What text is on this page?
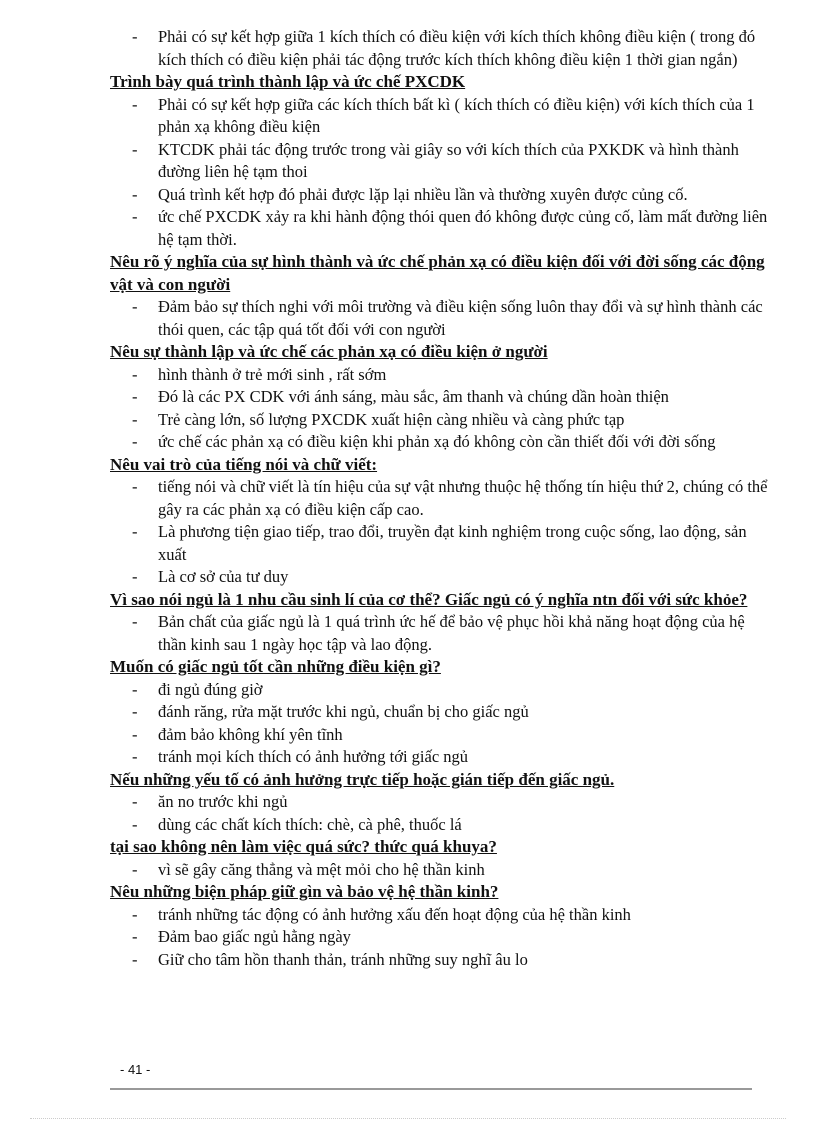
- Phải có sự kết hợp giữa 1 kích thích có điều kiện với kích thích không điều kiện ( trong đó kích thích có điều kiện phải tác động trước kích thích không điều kiện 1 thời gian ngắn)

Trình bày quá trình thành lập và ức chế PXCDK

- Phải có sự kết hợp giữa các kích thích bất kì ( kích thích có điều kiện) với kích thích của 1 phản xạ không điều kiện
- KTCDK phải tác động trước trong vài giây so với kích thích của PXKDK và hình thành đường liên hệ tạm thoi
- Quá trình kết hợp đó phải được lặp lại nhiều lần và thường xuyên được củng cố.
- ức chế PXCDK xảy ra khi hành động thói quen đó không được củng cố, làm mất đường liên hệ tạm thời.

Nêu rõ ý nghĩa của sự hình thành và ức chế phản xạ có điều kiện đối với đời sống các động vật và con người

- Đảm bảo sự thích nghi với môi trường và điều kiện sống luôn thay đổi và sự hình thành các thói quen, các tập quá tốt đối với con người

Nêu sự thành lập và ức chế các phản xạ có điều kiện ở người

- hình thành ở trẻ mới sinh , rất sớm
- Đó là các PX CDK với ánh sáng, màu sắc, âm thanh và chúng dần hoàn thiện
- Trẻ càng lớn, số lượng PXCDK xuất hiện càng nhiều và càng phức tạp
- ức chế các phản xạ có điều kiện khi phản xạ đó không còn cần thiết đối với đời sống

Nêu vai trò của tiếng nói và chữ viết:

- tiếng nói và chữ viết là tín hiệu của sự vật nhưng thuộc hệ thống tín hiệu thứ 2, chúng có thể gây ra các phản xạ có điều kiện cấp cao.
- Là phương tiện giao tiếp, trao đổi, truyền đạt kinh nghiệm trong cuộc sống, lao động, sản xuất
- Là cơ sở của tư duy

Vì sao nói ngủ là 1 nhu cầu sinh lí của cơ thể? Giấc ngủ có ý nghĩa ntn đối với sức khỏe?

- Bản chất của giấc ngủ là 1 quá trình ức hế để bảo vệ phục hồi khả năng hoạt động của hệ thần kinh sau 1 ngày học tập và lao động.

Muốn có giấc ngủ tốt cần những điều kiện gì?

- đi ngủ đúng giờ
- đánh răng, rửa mặt trước khi ngủ, chuẩn bị cho giấc ngủ
- đảm bảo không khí yên tĩnh
- tránh mọi kích thích có ảnh hưởng tới giấc ngủ

Nếu những yếu tố có ảnh hưởng trực tiếp hoặc gián tiếp đến giấc ngủ.

- ăn no trước khi ngủ
- dùng các chất kích thích: chè, cà phê, thuốc lá

tại sao không nên làm việc quá sức? thức quá khuya?

- vì sẽ gây căng thẳng và mệt mỏi cho hệ thần kinh

Nêu những biện pháp giữ gìn và bảo vệ hệ thần kinh?

- tránh những tác động có ảnh hưởng xấu đến hoạt động của hệ thần kinh
- Đảm bao giấc ngủ hằng ngày
- Giữ cho tâm hồn thanh thản, tránh những suy nghĩ âu lo
- 41 -
